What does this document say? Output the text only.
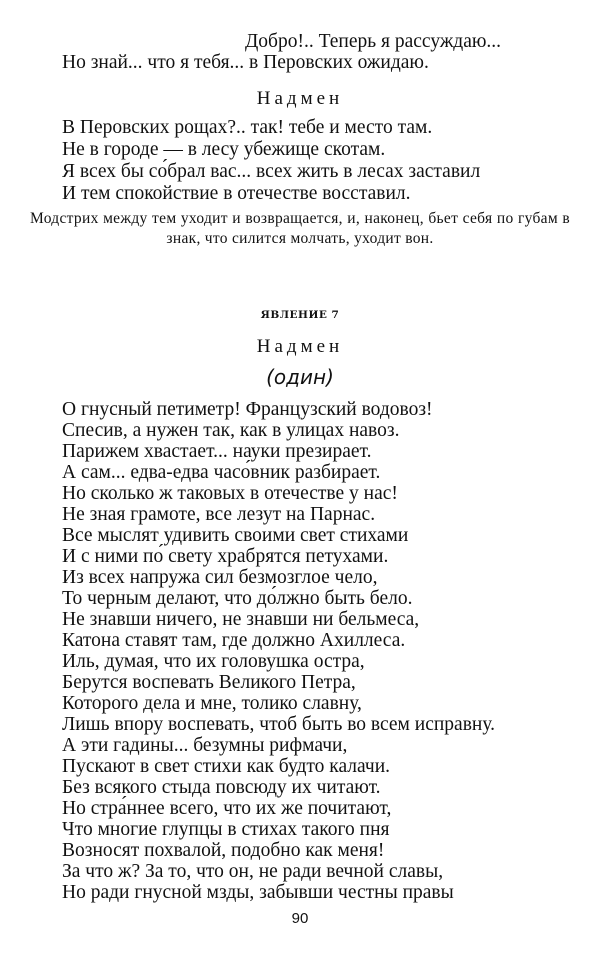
Добро!.. Теперь я рассуждаю...
Но знай... что я тебя... в Перовских ожидаю.
Надмен
В Перовских рощах?.. так! тебе и место там.
Не в городе — в лесу убежище скотам.
Я всех бы со́брал вас... всех жить в лесах заставил
И тем спокойствие в отечестве восставил.
Модстрих между тем уходит и возвращается, и, наконец, бьет себя по губам в знак, что силится молчать, уходит вон.
ЯВЛЕНИЕ 7
Надмен
(один)
О гнусный петиметр! Французский водовоз!
Спесив, а нужен так, как в улицах навоз.
Парижем хвастает... науки презирает.
А сам... едва-едва часо́вник разбирает.
Но сколько ж таковых в отечестве у нас!
Не зная грамоте, все лезут на Парнас.
Все мыслят удивить своими свет стихами
И с ними по́ свету храбрятся петухами.
Из всех напружа сил безмозглое чело,
То черным делают, что до́лжно быть бело.
Не знавши ничего, не знавши ни бельмеса,
Катона ставят там, где должно Ахиллеса.
Иль, думая, что их головушка остра,
Берутся воспевать Великого Петра,
Которого дела и мне, толико славну,
Лишь впору воспевать, чтоб быть во всем исправну.
А эти гадины... безумны рифмачи,
Пускают в свет стихи как будто калачи.
Без всякого стыда повсюду их читают.
Но стра́ннее всего, что их же почитают,
Что многие глупцы в стихах такого пня
Возносят похвалой, подобно как меня!
За что ж? За то, что он, не ради вечной славы,
Но ради гнусной мзды, забывши честны правы
90
